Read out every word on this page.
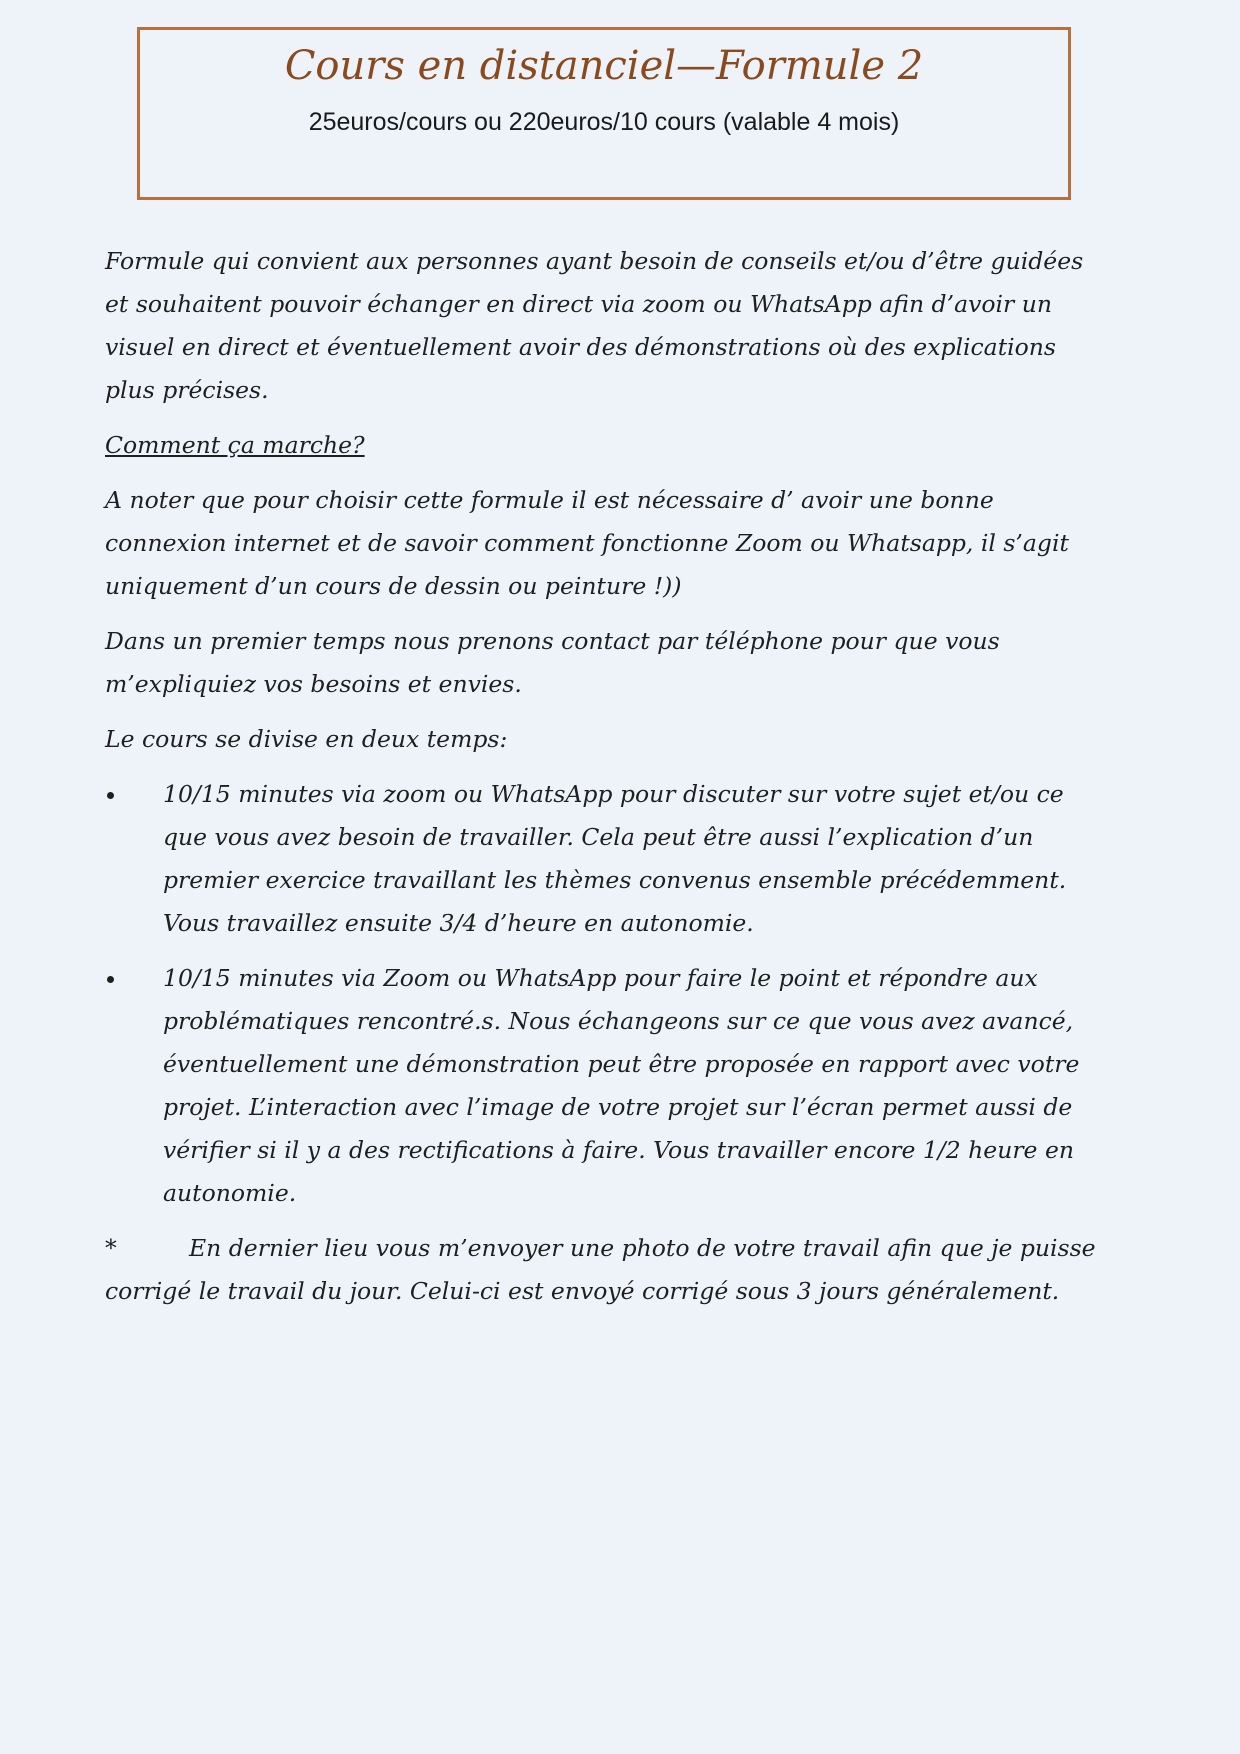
Cours en distanciel—Formule 2
25euros/cours ou 220euros/10 cours (valable 4 mois)

Formule qui convient aux personnes ayant besoin de conseils et/ou d’être guidées et souhaitent pouvoir échanger en direct via zoom ou WhatsApp afin d’avoir un visuel en direct et éventuellement avoir des démonstrations où des explications plus précises.

Comment ça marche?

A noter que pour choisir cette formule il est nécessaire d’ avoir une bonne connexion internet et de savoir comment fonctionne Zoom ou Whatsapp, il s’agit uniquement d’un cours de dessin ou peinture !))

Dans un premier temps nous prenons contact par téléphone pour que vous m’expliquiez vos besoins et envies.

Le cours se divise en deux temps:

10/15 minutes via zoom ou WhatsApp pour discuter sur votre sujet et/ou ce que vous avez besoin de travailler. Cela peut être aussi l’explication d’un premier exercice travaillant les thèmes convenus ensemble précédemment. Vous travaillez ensuite 3/4 d’heure en autonomie.
10/15 minutes via Zoom ou WhatsApp pour faire le point et répondre aux problématiques rencontré.s. Nous échangeons sur ce que vous avez avancé, éventuellement une démonstration peut être proposée en rapport avec votre projet. L’interaction avec l’image de votre projet sur l’écran permet aussi de vérifier si il y a des rectifications à faire. Vous travailler encore 1/2 heure en autonomie.

*	En dernier lieu vous m’envoyer une photo de votre travail afin que je puisse corrigé le travail du jour. Celui-ci est envoyé corrigé sous 3 jours généralement.
